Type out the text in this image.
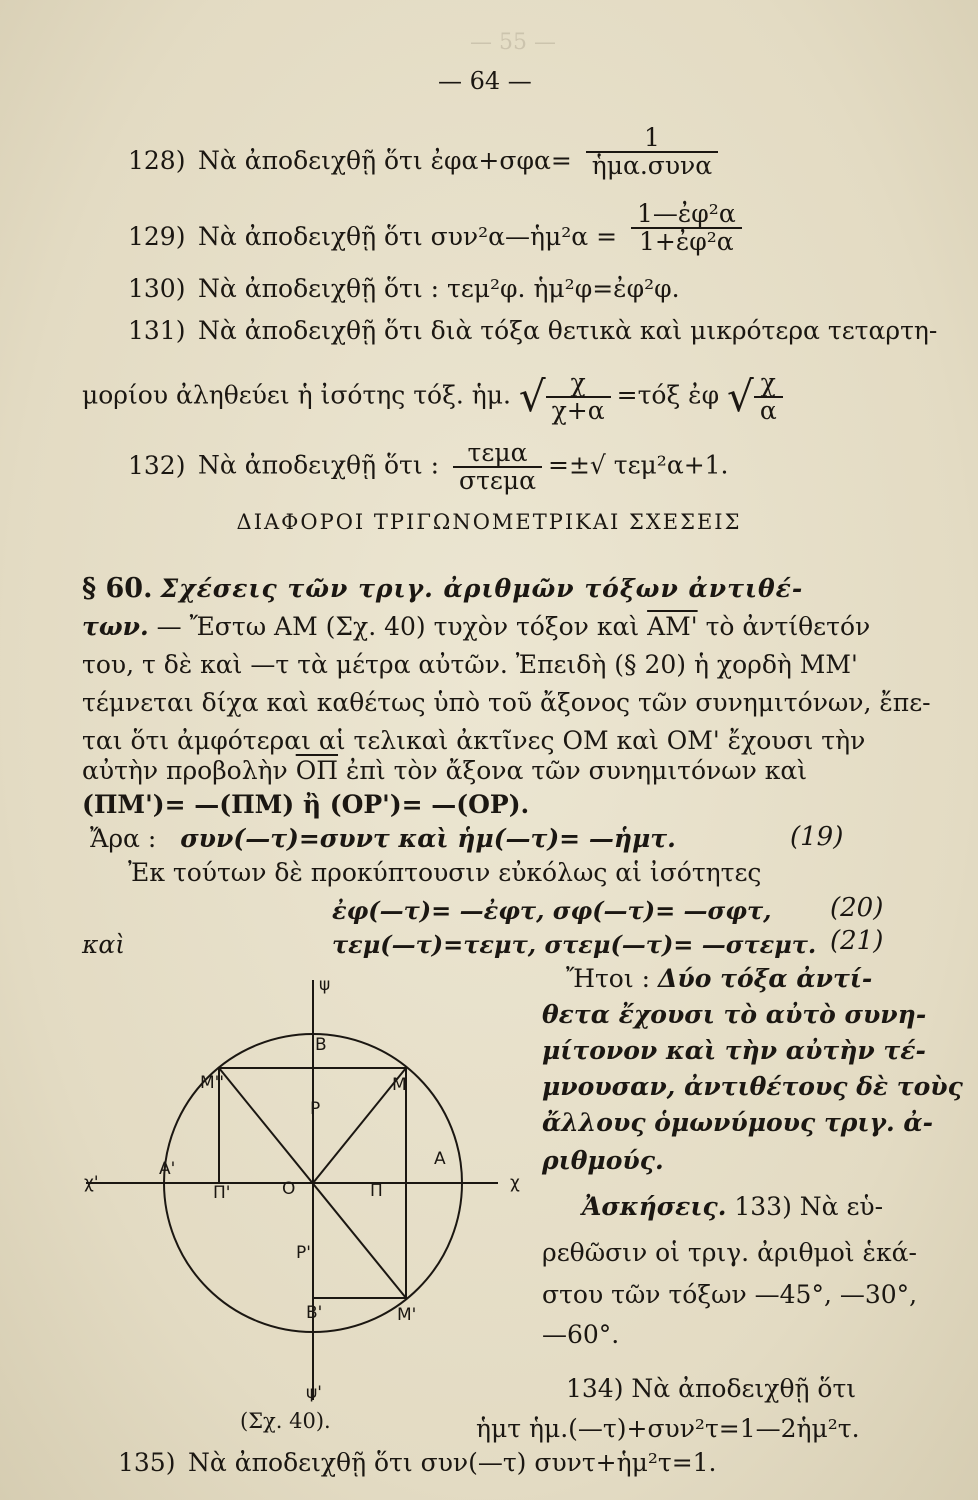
— 55 —
— 64 —
128) Νὰ ἀποδειχθῇ ὅτι ἐφα+σφα= $\frac{1}{\text{ἡμα.συνα}}$
129) Νὰ ἀποδειχθῇ ὅτι συν²α—ἡμ²α = $\frac{\text{1—ἐφ²α}}{\text{1+ἐφ²α}}$
130) Νὰ ἀποδειχθῇ ὅτι : τεμ²φ. ἡμ²φ=ἐφ²φ.
131) Νὰ ἀποδειχθῇ ὅτι διὰ τόξα θετικὰ καὶ μικρότερα τεταρτη-
μορίου ἀληθεύει ἡ ἰσότης τόξ. ἡμ. √ $\frac{\chi}{\chi+\alpha} =\tau ό\xi$ ἐφ √ $\frac{\chi}{\alpha}$
132) Νὰ ἀποδειχθῇ ὅτι : $\frac{\text{τεμα}}{\text{στεμα}}$ =±√ τεμ²α+1.
ΔΙΑΦΟΡΟΙ ΤΡΙΓΩΝΟΜΕΤΡΙΚΑΙ ΣΧΕΣΕΙΣ
§ 60. Σχέσεις τῶν τριγ. ἀριθμῶν τόξων ἀντιθέ-
των. — Ἔστω ΑΜ (Σχ. 40) τυχὸν τόξον καὶ ΑΜ' τὸ ἀντίθετόν
του, τ δὲ καὶ —τ τὰ μέτρα αὐτῶν. Ἐπειδὴ (§ 20) ἡ χορδὴ ΜΜ'
τέμνεται δίχα καὶ καθέτως ὑπὸ τοῦ ἄξονος τῶν συνημιτόνων, ἔπε-
ται ὅτι ἀμφότεραι αἱ τελικαὶ ἀκτῖνες ΟΜ καὶ ΟΜ' ἔχουσι τὴν
αὐτὴν προβολὴν $\overline{O\Pi}$ ἐπὶ τὸν ἄξονα τῶν συνημιτόνων καὶ
(ΠΜ')= —(ΠΜ) ἢ (ΟΡ')= —(ΟΡ).
Ἄρα : συν(—τ)=συντ καὶ ἡμ(—τ)= —ἡμτ.	(19)
Ἐκ τούτων δὲ προκύπτουσιν εὐκόλως αἱ ἰσότητες
ἐφ(—τ)= —ἐφτ, σφ(—τ)= —σφτ, (20)
καὶ	τεμ(—τ)=τεμτ, στεμ(—τ)= —στεμτ. (21)
Ἤτοι : Δύο τόξα ἀντί-
θετα ἔχουσι τὸ αὐτὸ συνη-
μίτονον καὶ τὴν αὐτὴν τέ-
μνουσαν, ἀντιθέτους δὲ τοὺς
ἄλλους ὁμωνύμους τριγ. ἀ-
ριθμούς.
Ἀσκήσεις. 133) Νὰ εὑ-
ρεθῶσιν οἱ τριγ. ἀριθμοὶ ἑκά-
στου τῶν τόξων —45°, —30°,
—60°.
134) Νὰ ἀποδειχθῇ ὅτι
ἡμτ ἡμ.(—τ)+συν²τ=1—2ἡμ²τ.
ψ
Β
Μ''	Μ
Ρ
Α'	Α
χ
χ'	Ο
Π'	Π
Ρ'
Μ'
Β'
ψ'
(Σχ. 40).
135) Νὰ ἀποδειχθῇ ὅτι συν(—τ) συντ+ἡμ²τ=1.
